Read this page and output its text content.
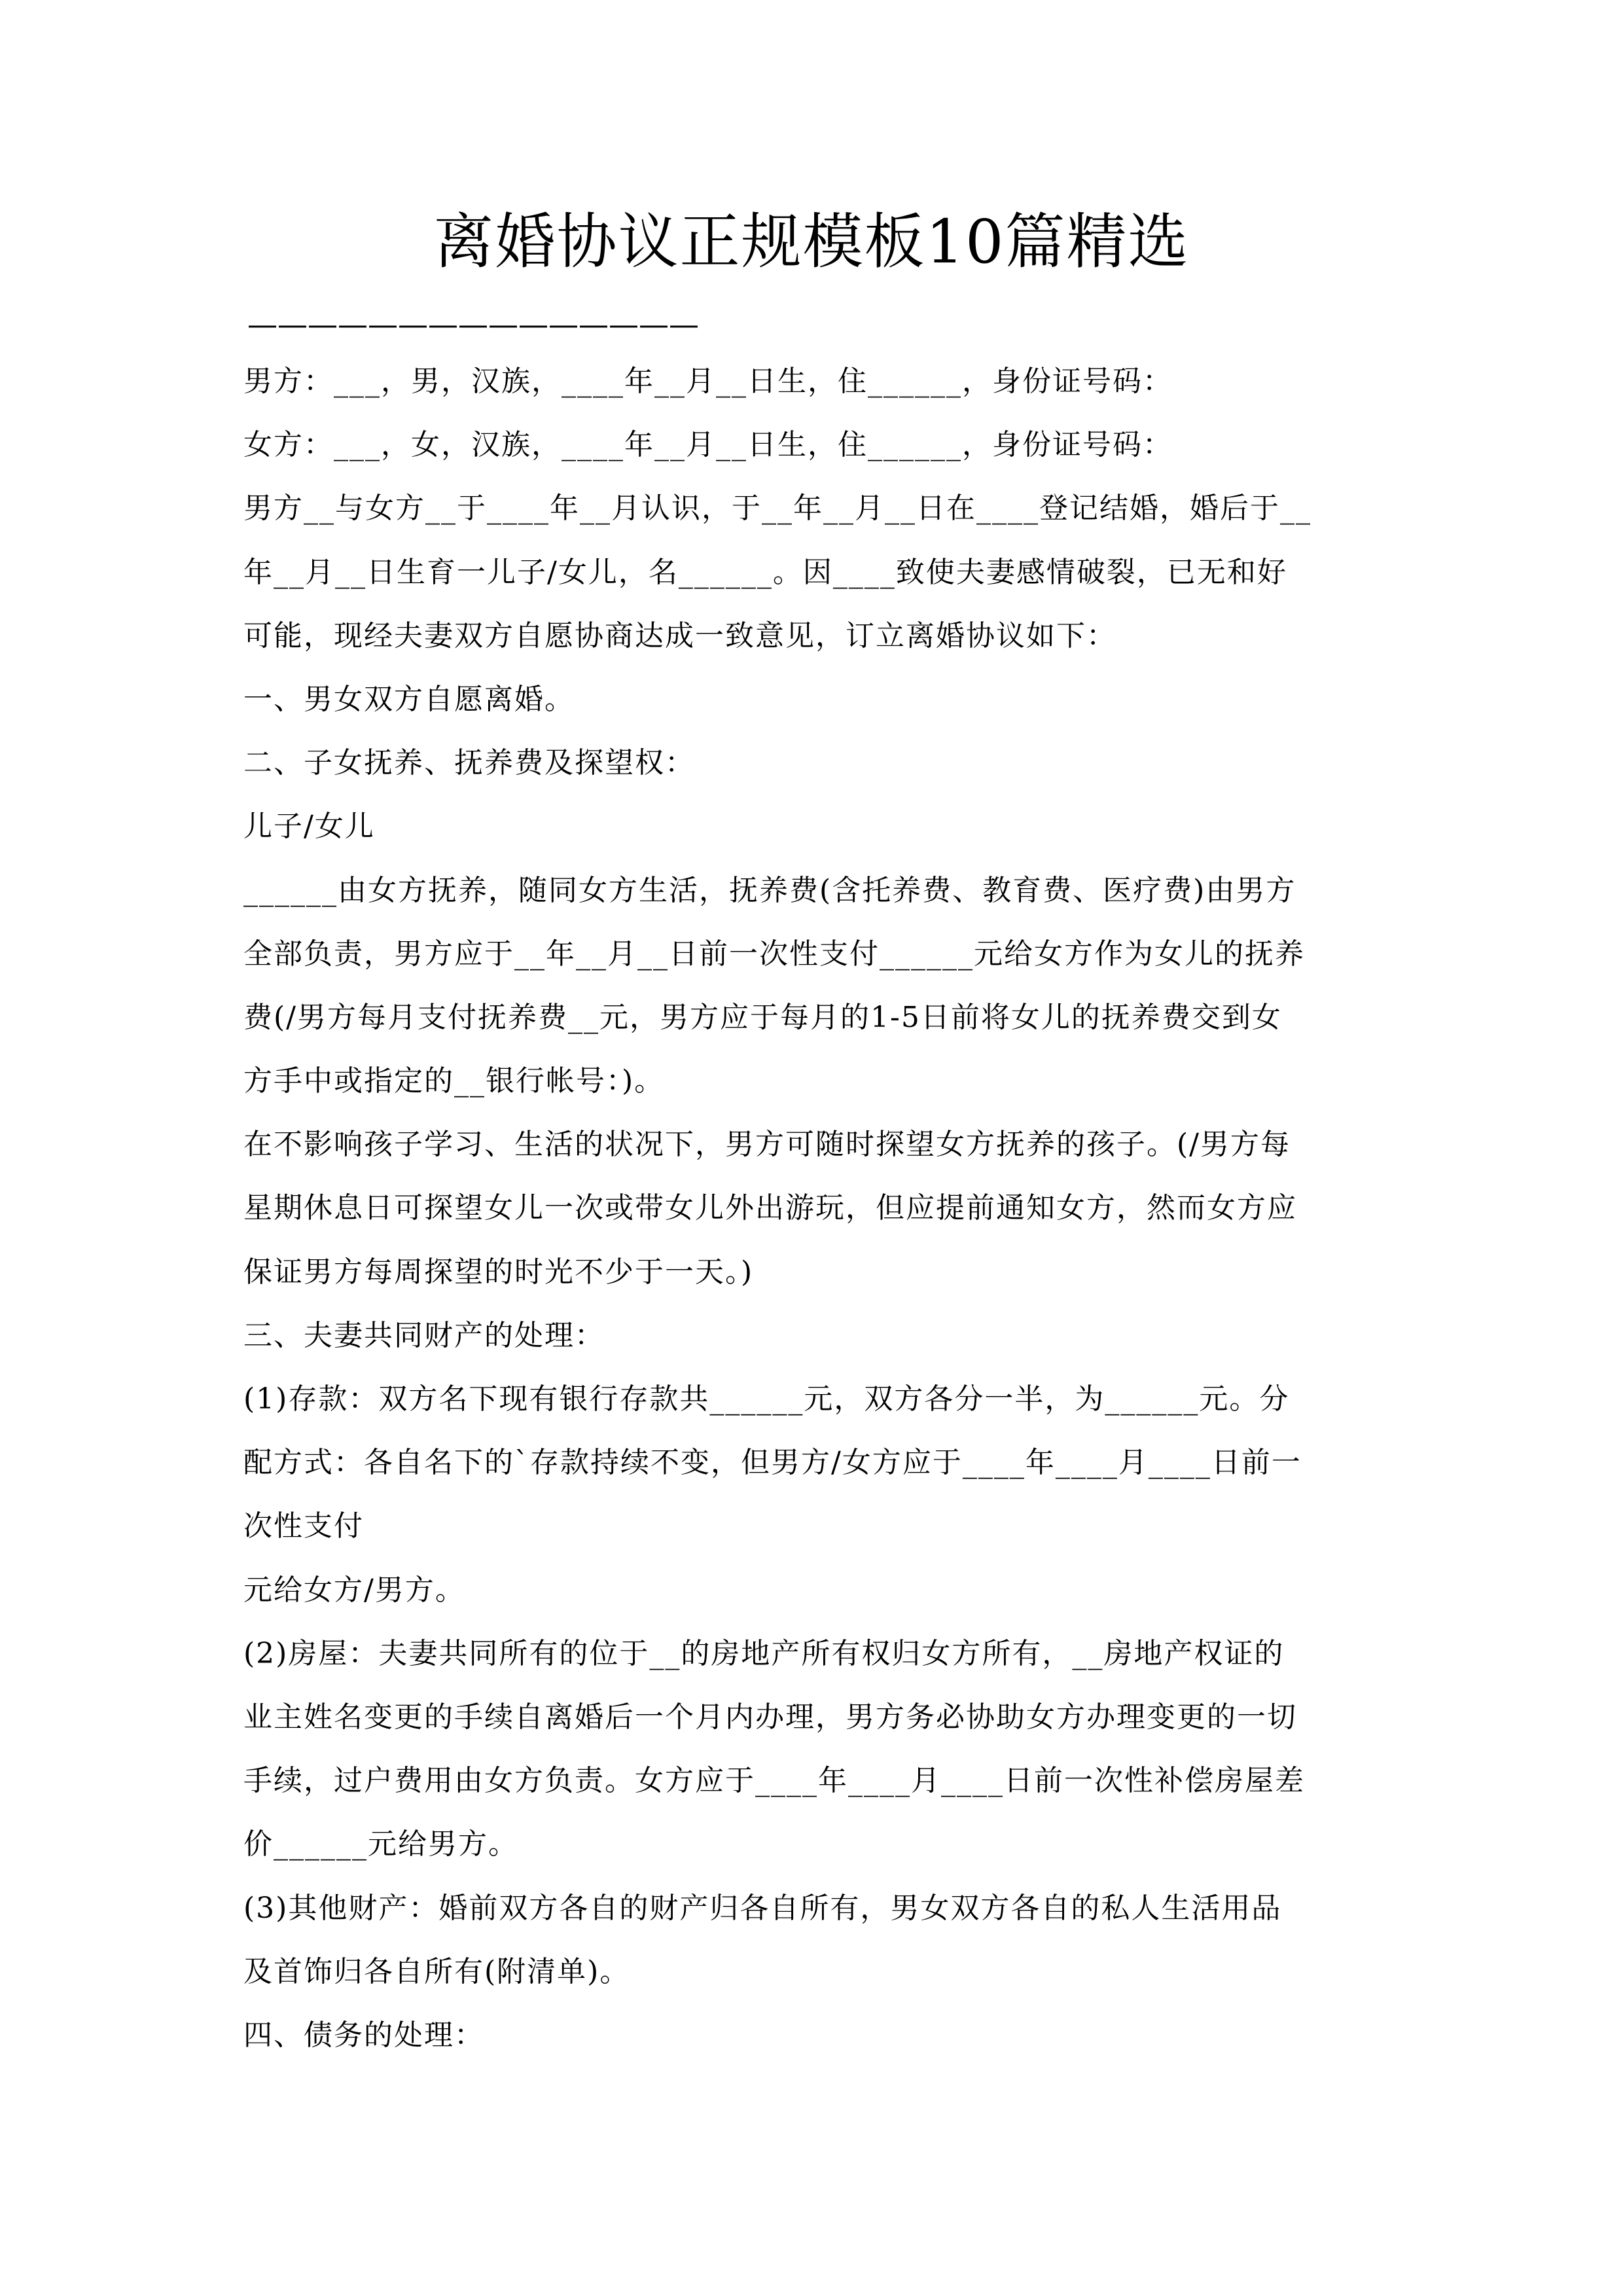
离婚协议正规模板10篇精选
———————————————
男方：___，男，汉族，____年__月__日生，住______，身份证号码：
女方：___，女，汉族，____年__月__日生，住______，身份证号码：
男方__与女方__于____年__月认识，于__年__月__日在____登记结婚，婚后于__
年__月__日生育一儿子/女儿，名______。因____致使夫妻感情破裂，已无和好
可能，现经夫妻双方自愿协商达成一致意见，订立离婚协议如下：
一、男女双方自愿离婚。
二、子女抚养、抚养费及探望权：
儿子/女儿
______由女方抚养，随同女方生活，抚养费(含托养费、教育费、医疗费)由男方
全部负责，男方应于__年__月__日前一次性支付______元给女方作为女儿的抚养
费(/男方每月支付抚养费__元，男方应于每月的1-5日前将女儿的抚养费交到女
方手中或指定的__银行帐号：)。
在不影响孩子学习、生活的状况下，男方可随时探望女方抚养的孩子。(/男方每
星期休息日可探望女儿一次或带女儿外出游玩，但应提前通知女方，然而女方应
保证男方每周探望的时光不少于一天。)
三、夫妻共同财产的处理：
(1)存款：双方名下现有银行存款共______元，双方各分一半，为______元。分
配方式：各自名下的`存款持续不变，但男方/女方应于____年____月____日前一
次性支付
元给女方/男方。
(2)房屋：夫妻共同所有的位于__的房地产所有权归女方所有，__房地产权证的
业主姓名变更的手续自离婚后一个月内办理，男方务必协助女方办理变更的一切
手续，过户费用由女方负责。女方应于____年____月____日前一次性补偿房屋差
价______元给男方。
(3)其他财产：婚前双方各自的财产归各自所有，男女双方各自的私人生活用品
及首饰归各自所有(附清单)。
四、债务的处理：
